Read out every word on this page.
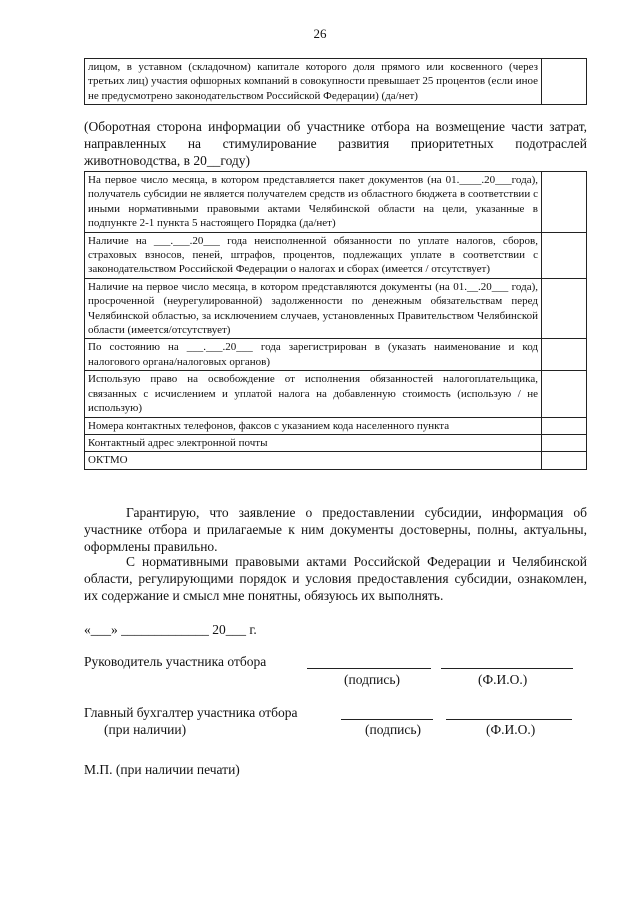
26
лицом, в уставном (складочном) капитале которого доля прямого или косвенного (через третьих лиц) участия офшорных компаний в совокупности превышает 25 процентов (если иное не предусмотрено законодательством Российской Федерации) (да/нет)	
(Оборотная сторона информации об участнике отбора на возмещение части затрат, направленных на стимулирование развития приоритетных подотраслей животноводства, в 20__году)
На первое число месяца, в котором представляется пакет документов (на 01.____.20___года), получатель субсидии не является получателем средств из областного бюджета в соответствии с иными нормативными правовыми актами Челябинской области на цели, указанные в подпункте 2-1 пункта 5 настоящего Порядка (да/нет)	
Наличие на ___.___.20___ года неисполненной обязанности по уплате налогов, сборов, страховых взносов, пеней, штрафов, процентов, подлежащих уплате в соответствии с законодательством Российской Федерации о налогах и сборах (имеется / отсутствует)	
Наличие на первое число месяца, в котором представляются документы (на 01.__.20___ года), просроченной (неурегулированной) задолженности по денежным обязательствам перед Челябинской областью, за исключением случаев, установленных Правительством Челябинской области (имеется/отсутствует)	
По состоянию на ___.___.20___ года зарегистрирован в (указать наименование и код налогового органа/налоговых органов)	
Использую право на освобождение от исполнения обязанностей налогоплательщика, связанных с исчислением и уплатой налога на добавленную стоимость (использую / не использую)	
Номера контактных телефонов, факсов с указанием кода населенного пункта	
Контактный адрес электронной почты	
ОКТМО	

Гарантирую, что заявление о предоставлении субсидии, информация об участнике отбора и прилагаемые к ним документы достоверны, полны, актуальны, оформлены правильно.

С нормативными правовыми актами Российской Федерации и Челябинской области, регулирующими порядок и условия предоставления субсидии, ознакомлен, их содержание и смысл мне понятны, обязуюсь их выполнять.

«___» _____________ 20___ г.
Руководитель участника отбора
(подпись)	(Ф.И.О.)
Главный бухгалтер участника отбора
(при наличии)	(подпись)	(Ф.И.О.)
М.П. (при наличии печати)
